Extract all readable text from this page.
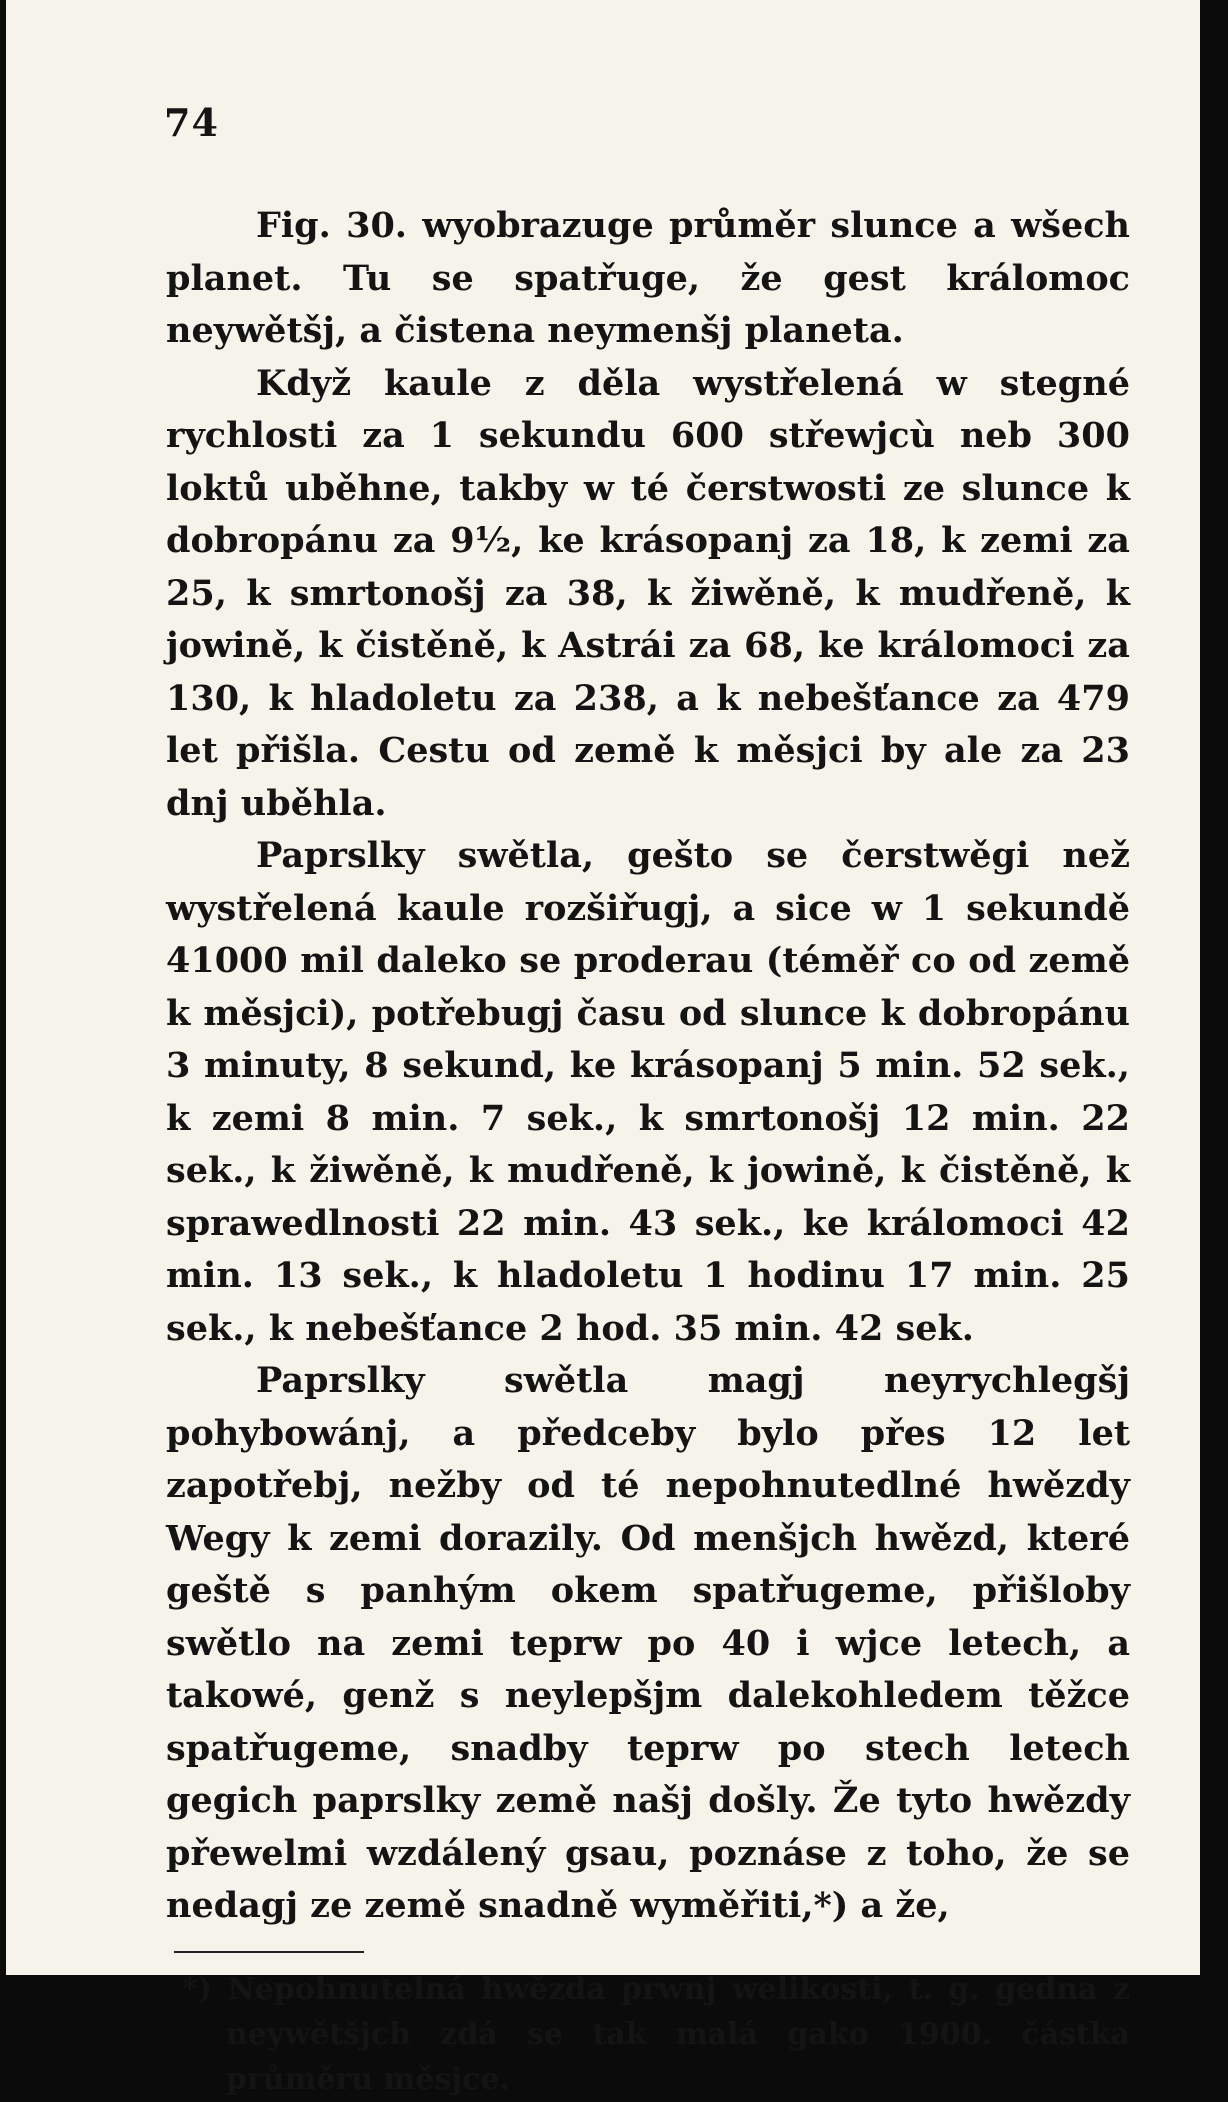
74

Fig. 30. wyobrazuge průměr slunce a wšech planet. Tu se spatřuge, že gest králomoc neywětšj, a čistena neymenšj planeta.

Když kaule z děla wystřelená w stegné rychlosti za 1 sekundu 600 střewjcù neb 300 loktů uběhne, takby w té čerstwosti ze slunce k dobropánu za 9½, ke krásopanj za 18, k zemi za 25, k smrtonošj za 38, k žiwěně, k mudřeně, k jowině, k čistěně, k Astrái za 68, ke králomoci za 130, k hladoletu za 238, a k nebešťance za 479 let přišla. Cestu od země k měsjci by ale za 23 dnj uběhla.

Paprslky swětla, gešto se čerstwěgi než wystřelená kaule rozšiřugj, a sice w 1 sekundě 41000 mil daleko se proderau (téměř co od země k měsjci), potřebugj času od slunce k dobropánu 3 minuty, 8 sekund, ke krásopanj 5 min. 52 sek., k zemi 8 min. 7 sek., k smrtonošj 12 min. 22 sek., k žiwěně, k mudřeně, k jowině, k čistěně, k sprawedlnosti 22 min. 43 sek., ke králomoci 42 min. 13 sek., k hladoletu 1 hodinu 17 min. 25 sek., k nebešťance 2 hod. 35 min. 42 sek.

Paprslky swětla magj neyrychlegšj pohybowánj, a předceby bylo přes 12 let zapotřebj, nežby od té nepohnutedlné hwězdy Wegy k zemi dorazily. Od menšjch hwězd, které geště s panhým okem spatřugeme, přišloby swětlo na zemi teprw po 40 i wjce letech, a takowé, genž s neylepšjm dalekohledem těžce spatřugeme, snadby teprw po stech letech gegich paprslky země našj došly. Že tyto hwězdy přewelmi wzdálený gsau, poznáse z toho, že se nedagj ze země snadně wyměřiti,*) a že,

*) Nepohnutelná hwězda prwnj welikosti, t. g. gedna z neywětšjch zdá se tak malá gako 1900. částka průměru měsjce.
